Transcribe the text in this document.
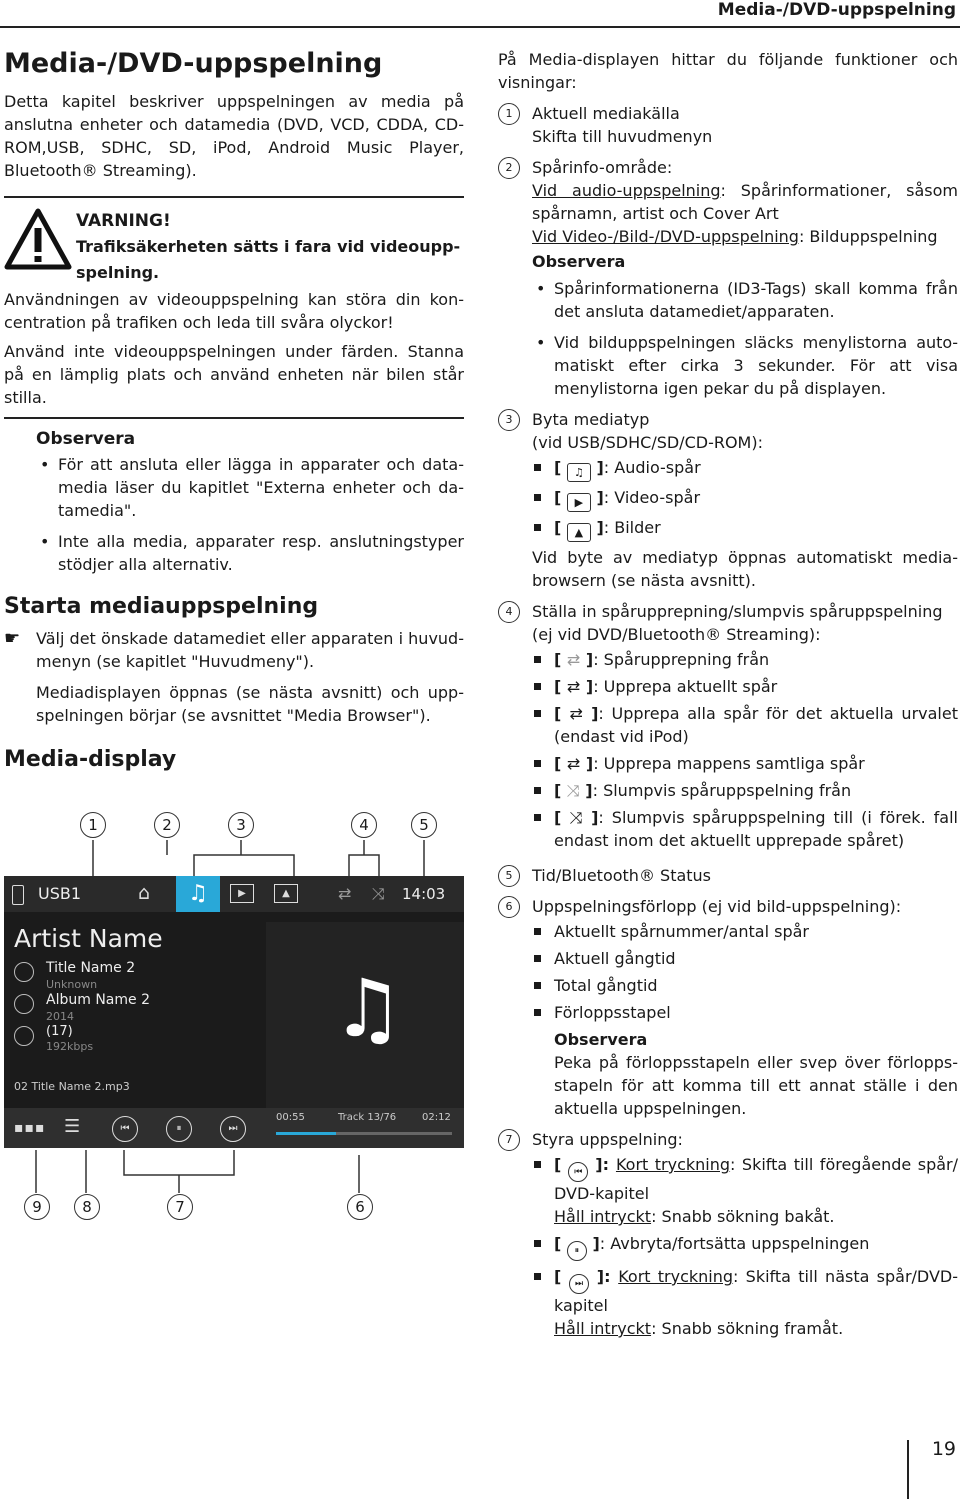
Media-/DVD-uppspelning
Media-/DVD-uppspelning

Detta kapitel beskriver uppspelningen av media på anslutna enheter och datamedia (DVD, VCD, CDDA, CD-ROM,USB, SDHC, SD, iPod, Android Music Player, Bluetooth® Streaming).

VARNING!
Trafiksäkerheten sätts i fara vid videouppspelning.

Användningen av videouppspelning kan störa din koncentration på trafiken och leda till svåra olyckor!

Använd inte videouppspelningen under färden. Stanna på en lämplig plats och använd enheten när bilen står stilla.

Observera
• För att ansluta eller lägga in apparater och datamedia läser du kapitlet "Externa enheter och datamedia".
• Inte alla media, apparater resp. anslutningstyper stödjer alla alternativ.
Starta mediauppspelning
☛ Välj det önskade datamediet eller apparaten i huvudmenyn (se kapitlet "Huvudmeny").

Mediadisplayen öppnas (se nästa avsnitt) och uppspelningen börjar (se avsnittet "Media Browser").

Media-display
1	2	3	4	5
USB1	⌂	♫	▶	▲	⇄ ⤨ 14:03
Artist Name
Title Name 2
Unknown
Album Name 2
2014
(17)
192kbps
02 Title Name 2.mp3
♫
▪▪▪ ☰	⏮	⏸	⏭
00:55	Track 13/76	02:12
9	8	7	6

På Media-displayen hittar du följande funktioner och visningar:

1	Aktuell mediakälla
Skifta till huvudmenyn
2	Spårinfo-område:
Vid audio-uppspelning: Spårinformationer, såsom spårnamn, artist och Cover Art
Vid Video-/Bild-/DVD-uppspelning: Bilduppspelning
Observera
• Spårinformationerna (ID3-Tags) skall komma från det ansluta datamediet/apparaten.
• Vid bilduppspelningen släcks menylistorna automatiskt efter cirka 3 sekunder. För att visa menylistorna igen pekar du på displayen.
3	Byta mediatyp
(vid USB/SDHC/SD/CD-ROM):
[ ♫ ]: Audio-spår
[ ▶ ]: Video-spår
[ ▲ ]: Bilder
Vid byte av mediatyp öppnas automatiskt mediabrowsern (se nästa avsnitt).
4	Ställa in spårupprepning/slumpvis spåruppspelning (ej vid DVD/Bluetooth® Streaming):
[ ⇄ ]: Spårupprepning från
[ ⇄ ]: Upprepa aktuellt spår
[ ⇄ ]: Upprepa alla spår för det aktuella urvalet (endast vid iPod)
[ ⇄ ]: Upprepa mappens samtliga spår
[ ⤨ ]: Slumpvis spåruppspelning från
[ ⤨ ]: Slumpvis spåruppspelning till (i förek. fall endast inom det aktuellt upprepade spåret)
5	Tid/Bluetooth® Status
6	Uppspelningsförlopp (ej vid bild-uppspelning):
Aktuellt spårnummer/antal spår
Aktuell gångtid
Total gångtid
Förloppsstapel
Observera
Peka på förloppsstapeln eller svep över förloppsstapeln för att komma till ett annat ställe i den aktuella uppspelningen.
7	Styra uppspelning:
[ ⏮ ]: Kort tryckning: Skifta till föregående spår/ DVD-kapitel
Håll intryckt: Snabb sökning bakåt.
[ ⏸ ]: Avbryta/fortsätta uppspelningen
[ ⏭ ]: Kort tryckning: Skifta till nästa spår/DVD-kapitel
Håll intryckt: Snabb sökning framåt.
19
